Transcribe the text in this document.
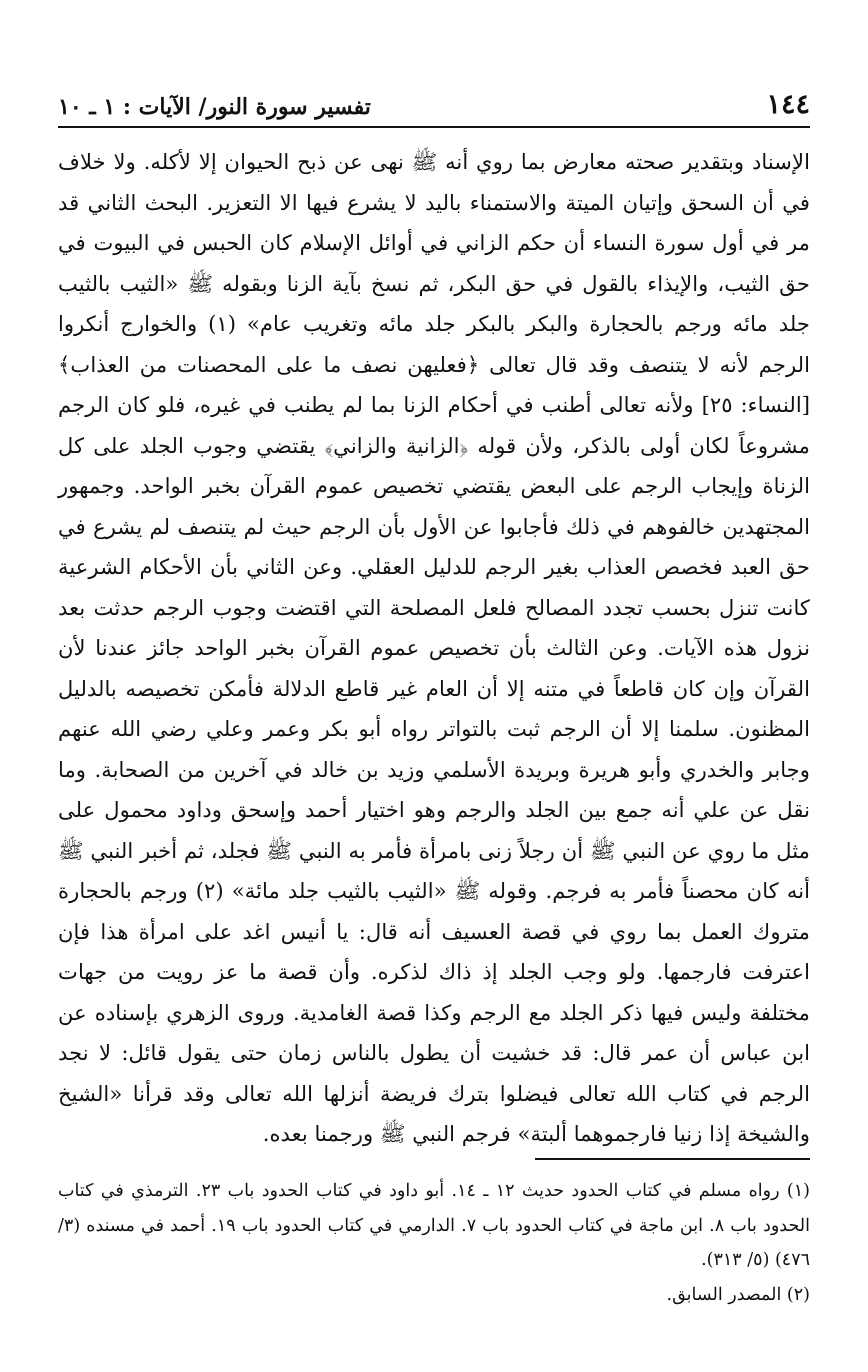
١٤٤
تفسير سورة النور/ الآيات : ١ ـ ١٠

الإسناد وبتقدير صحته معارض بما روي أنه ﷺ نهى عن ذبح الحيوان إلا لأكله. ولا خلاف في أن السحق وإتيان الميتة والاستمناء باليد لا يشرع فيها الا التعزير. البحث الثاني قد مر في أول سورة النساء أن حكم الزاني في أوائل الإسلام كان الحبس في البيوت في حق الثيب، والإيذاء بالقول في حق البكر، ثم نسخ بآية الزنا وبقوله ﷺ «الثيب بالثيب جلد مائه ورجم بالحجارة والبكر بالبكر جلد مائه وتغريب عام» (١) والخوارج أنكروا الرجم لأنه لا يتنصف وقد قال تعالى ﴿فعليهن نصف ما على المحصنات من العذاب﴾ [النساء: ٢٥] ولأنه تعالى أطنب في أحكام الزنا بما لم يطنب في غيره، فلو كان الرجم مشروعاً لكان أولى بالذكر، ولأن قوله ﴿الزانية والزاني﴾ يقتضي وجوب الجلد على كل الزناة وإيجاب الرجم على البعض يقتضي تخصيص عموم القرآن بخبر الواحد. وجمهور المجتهدين خالفوهم في ذلك فأجابوا عن الأول بأن الرجم حيث لم يتنصف لم يشرع في حق العبد فخصص العذاب بغير الرجم للدليل العقلي. وعن الثاني بأن الأحكام الشرعية كانت تنزل بحسب تجدد المصالح فلعل المصلحة التي اقتضت وجوب الرجم حدثت بعد نزول هذه الآيات. وعن الثالث بأن تخصيص عموم القرآن بخبر الواحد جائز عندنا لأن القرآن وإن كان قاطعاً في متنه إلا أن العام غير قاطع الدلالة فأمكن تخصيصه بالدليل المظنون. سلمنا إلا أن الرجم ثبت بالتواتر رواه أبو بكر وعمر وعلي رضي الله عنهم وجابر والخدري وأبو هريرة وبريدة الأسلمي وزيد بن خالد في آخرين من الصحابة. وما نقل عن علي أنه جمع بين الجلد والرجم وهو اختيار أحمد وإسحق وداود محمول على مثل ما روي عن النبي ﷺ أن رجلاً زنى بامرأة فأمر به النبي ﷺ فجلد، ثم أخبر النبي ﷺ أنه كان محصناً فأمر به فرجم. وقوله ﷺ «الثيب بالثيب جلد مائة» (٢) ورجم بالحجارة متروك العمل بما روي في قصة العسيف أنه قال: يا أنيس اغد على امرأة هذا فإن اعترفت فارجمها. ولو وجب الجلد إذ ذاك لذكره. وأن قصة ما عز رويت من جهات مختلفة وليس فيها ذكر الجلد مع الرجم وكذا قصة الغامدية. وروى الزهري بإسناده عن ابن عباس أن عمر قال: قد خشيت أن يطول بالناس زمان حتى يقول قائل: لا نجد الرجم في كتاب الله تعالى فيضلوا بترك فريضة أنزلها الله تعالى وقد قرأنا «الشيخ والشيخة إذا زنيا فارجموهما ألبتة» فرجم النبي ﷺ ورجمنا بعده.

(١) رواه مسلم في كتاب الحدود حديث ١٢ ـ ١٤. أبو داود في كتاب الحدود باب ٢٣. الترمذي في كتاب الحدود باب ٨. ابن ماجة في كتاب الحدود باب ٧. الدارمي في كتاب الحدود باب ١٩. أحمد في مسنده (٣/ ٤٧٦) (٥/ ٣١٣).

(٢) المصدر السابق.
